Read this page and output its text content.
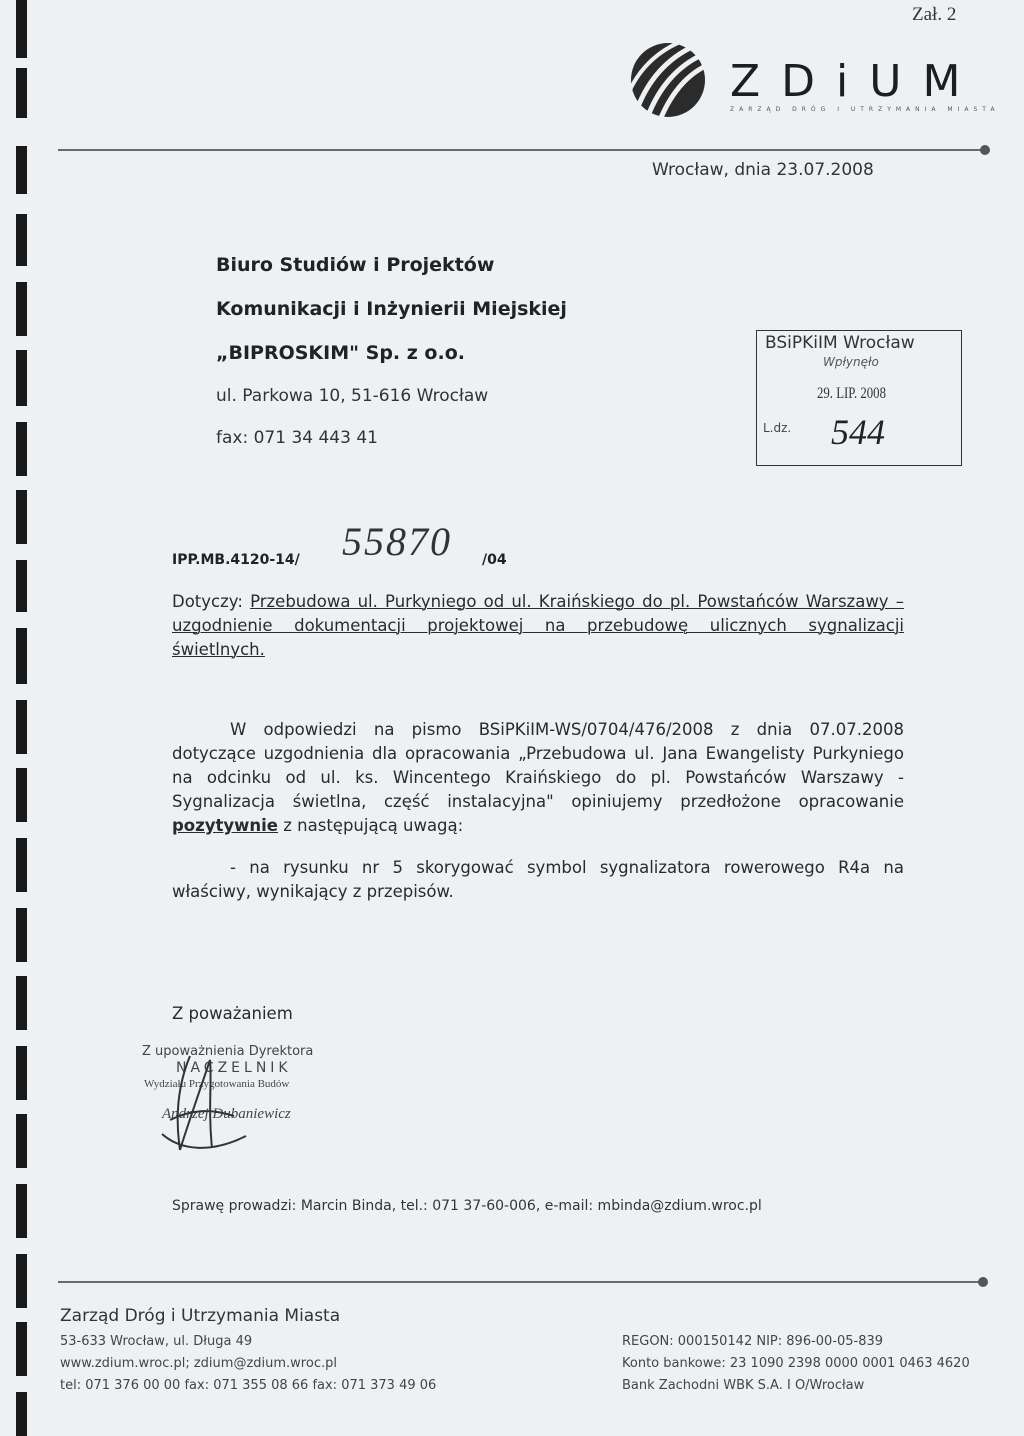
Zał. 2
ZDiUM
ZARZĄD DRÓG I UTRZYMANIA MIASTA
Wrocław, dnia 23.07.2008
Biuro Studiów i Projektów
Komunikacji i Inżynierii Miejskiej
„BIPROSKIM" Sp. z o.o.
ul. Parkowa 10, 51-616 Wrocław
fax: 071 34 443 41
BSiPKiIM Wrocław
Wpłynęło
29. LIP. 2008
L.dz. 544
IPP.MB.4120-14/ 55870 /04
Dotyczy: Przebudowa ul. Purkyniego od ul. Kraińskiego do pl. Powstańców Warszawy – uzgodnienie dokumentacji projektowej na przebudowę ulicznych sygnalizacji świetlnych.
W odpowiedzi na pismo BSiPKiIM-WS/0704/476/2008 z dnia 07.07.2008 dotyczące uzgodnienia dla opracowania „Przebudowa ul. Jana Ewangelisty Purkyniego na odcinku od ul. ks. Wincentego Kraińskiego do pl. Powstańców Warszawy - Sygnalizacja świetlna, część instalacyjna" opiniujemy przedłożone opracowanie pozytywnie z następującą uwagą:
- na rysunku nr 5 skorygować symbol sygnalizatora rowerowego R4a na właściwy, wynikający z przepisów.
Z poważaniem
Z upoważnienia Dyrektora
NACZELNIK
Wydziału Przygotowania Budów
Andrzej Dubaniewicz
Sprawę prowadzi: Marcin Binda, tel.: 071 37-60-006, e-mail: mbinda@zdium.wroc.pl
Zarząd Dróg i Utrzymania Miasta
53-633 Wrocław, ul. Długa 49
www.zdium.wroc.pl; zdium@zdium.wroc.pl
tel: 071 376 00 00 fax: 071 355 08 66 fax: 071 373 49 06
REGON: 000150142 NIP: 896-00-05-839
Konto bankowe: 23 1090 2398 0000 0001 0463 4620
Bank Zachodni WBK S.A. I O/Wrocław
